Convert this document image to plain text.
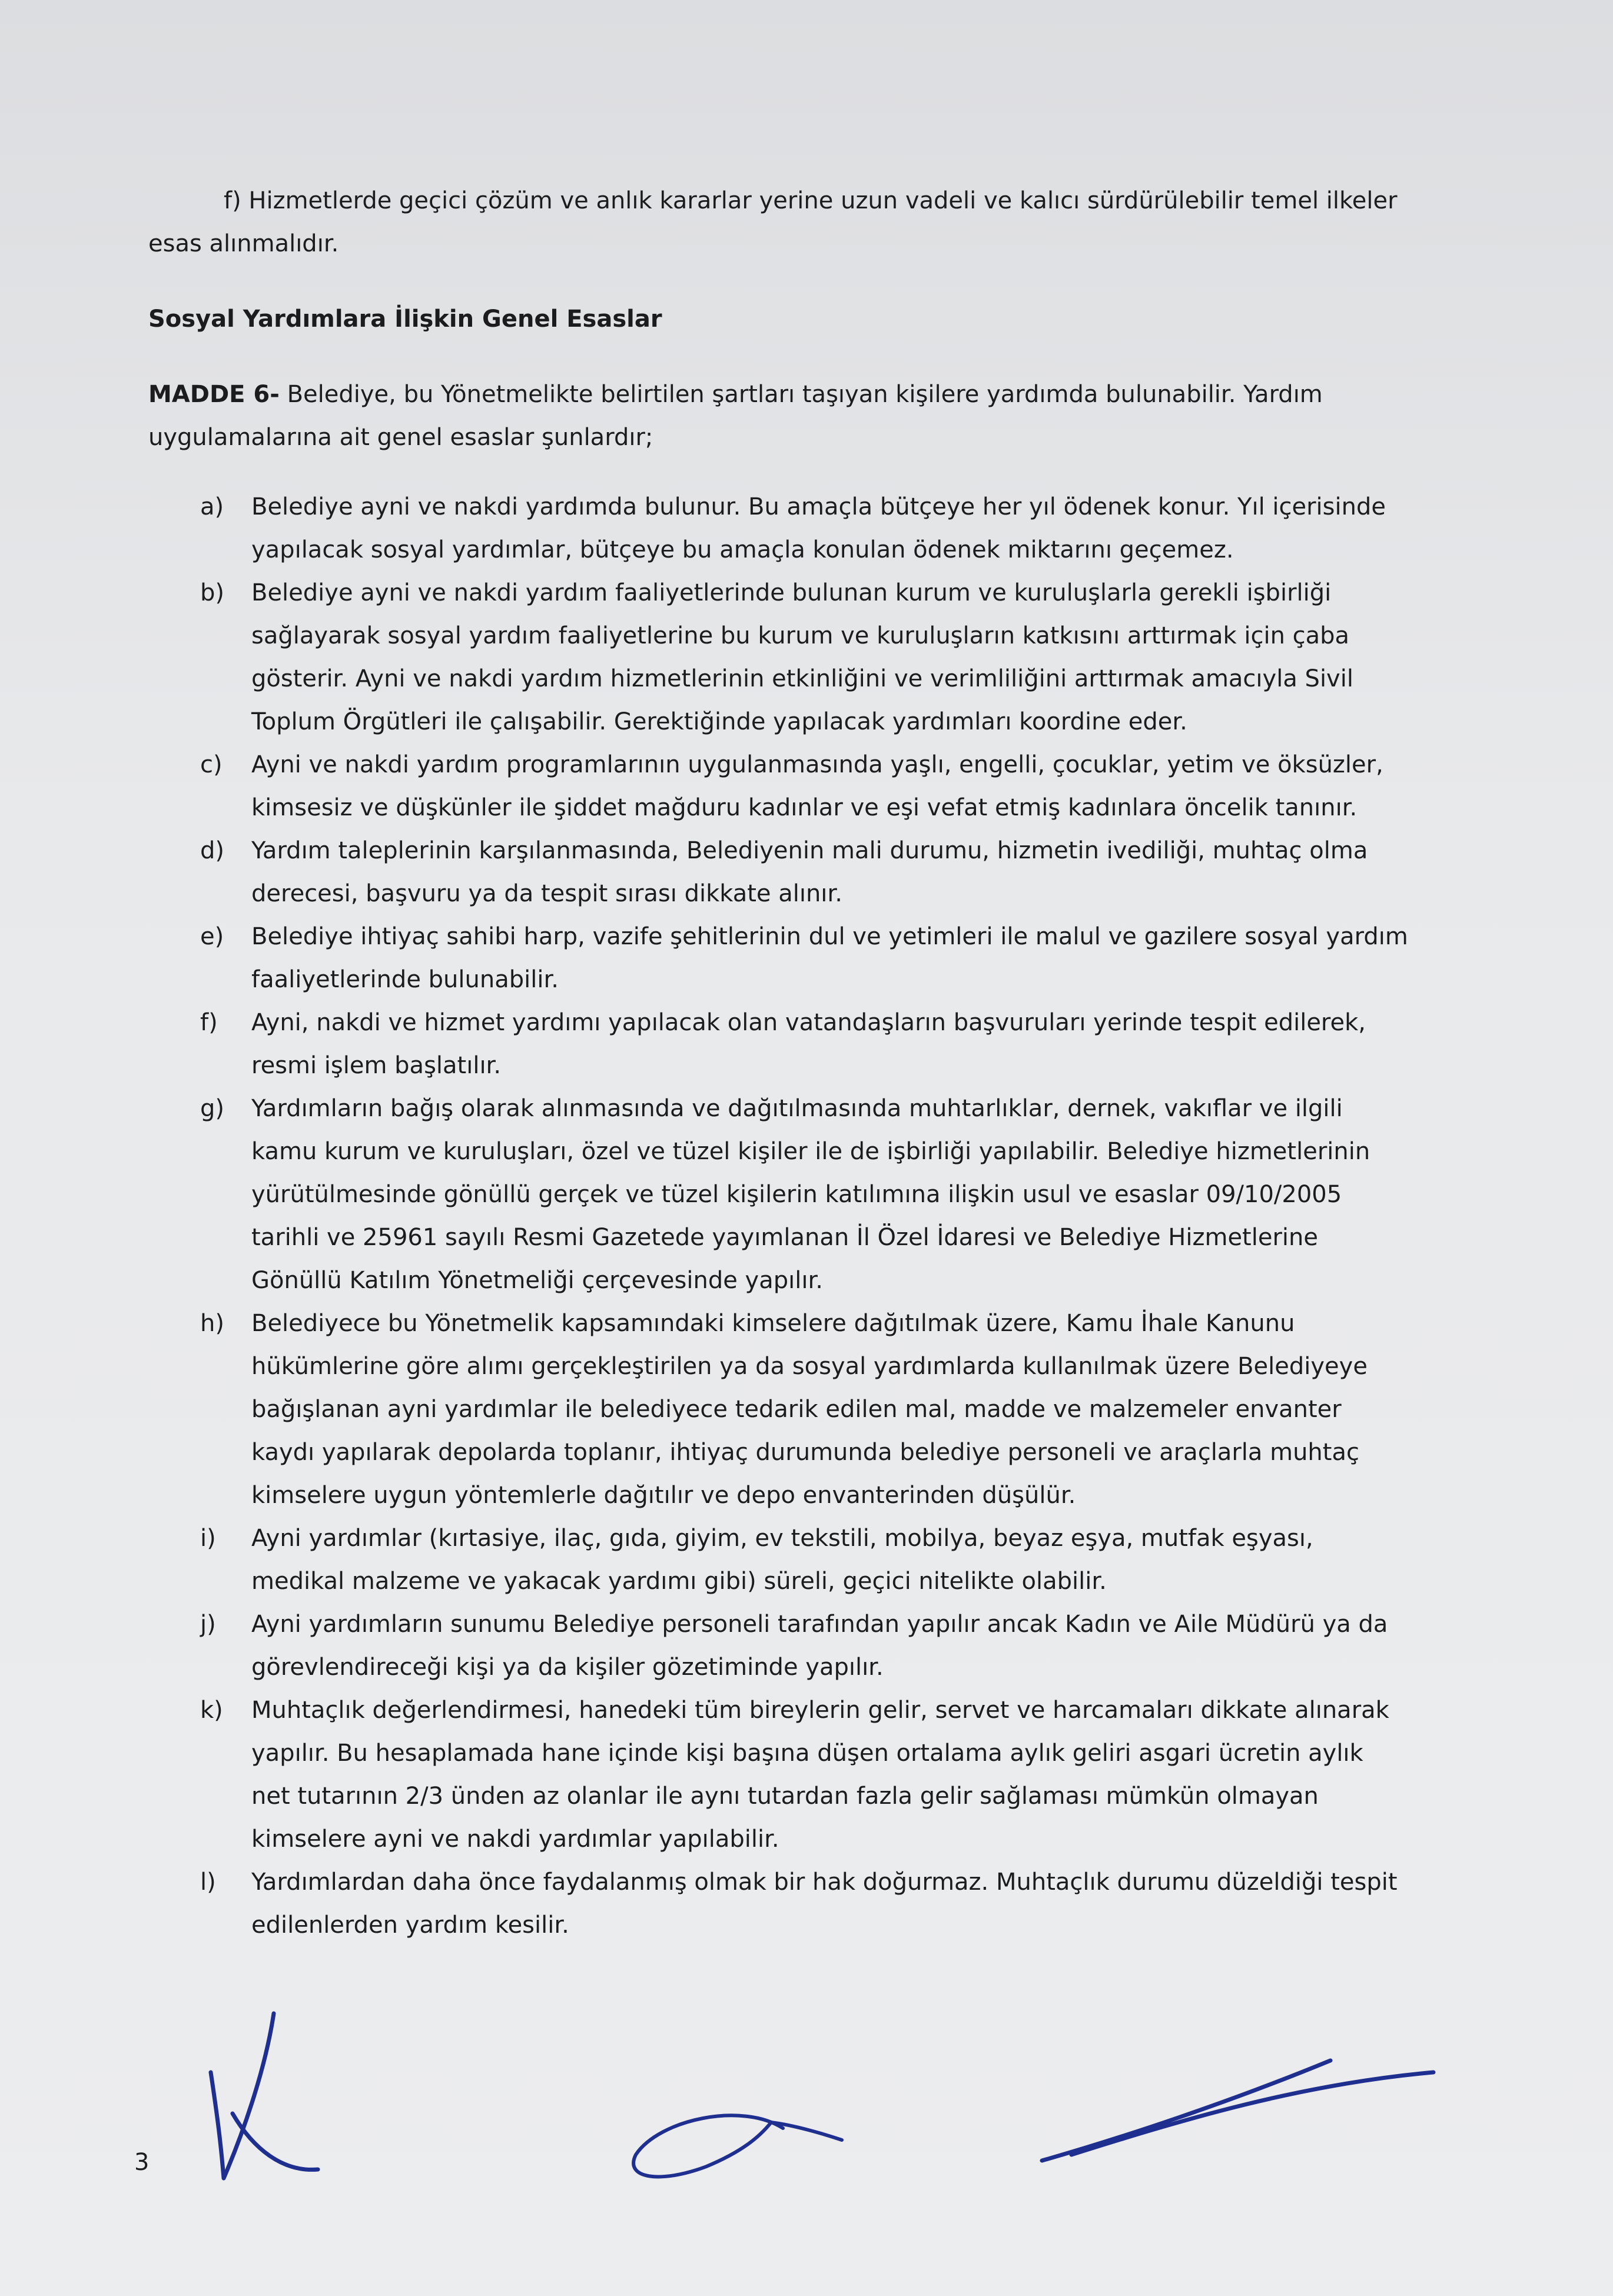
f) Hizmetlerde geçici çözüm ve anlık kararlar yerine uzun vadeli ve kalıcı sürdürülebilir temel ilkeler esas alınmalıdır.

Sosyal Yardımlara İlişkin Genel Esaslar

MADDE 6- Belediye, bu Yönetmelikte belirtilen şartları taşıyan kişilere yardımda bulunabilir. Yardım uygulamalarına ait genel esaslar şunlardır;

a) Belediye ayni ve nakdi yardımda bulunur. Bu amaçla bütçeye her yıl ödenek konur. Yıl içerisinde yapılacak sosyal yardımlar, bütçeye bu amaçla konulan ödenek miktarını geçemez.
b) Belediye ayni ve nakdi yardım faaliyetlerinde bulunan kurum ve kuruluşlarla gerekli işbirliği sağlayarak sosyal yardım faaliyetlerine bu kurum ve kuruluşların katkısını arttırmak için çaba gösterir. Ayni ve nakdi yardım hizmetlerinin etkinliğini ve verimliliğini arttırmak amacıyla Sivil Toplum Örgütleri ile çalışabilir. Gerektiğinde yapılacak yardımları koordine eder.
c) Ayni ve nakdi yardım programlarının uygulanmasında yaşlı, engelli, çocuklar, yetim ve öksüzler, kimsesiz ve düşkünler ile şiddet mağduru kadınlar ve eşi vefat etmiş kadınlara öncelik tanınır.
d) Yardım taleplerinin karşılanmasında, Belediyenin mali durumu, hizmetin ivediliği, muhtaç olma derecesi, başvuru ya da tespit sırası dikkate alınır.
e) Belediye ihtiyaç sahibi harp, vazife şehitlerinin dul ve yetimleri ile malul ve gazilere sosyal yardım faaliyetlerinde bulunabilir.
f) Ayni, nakdi ve hizmet yardımı yapılacak olan vatandaşların başvuruları yerinde tespit edilerek, resmi işlem başlatılır.
g) Yardımların bağış olarak alınmasında ve dağıtılmasında muhtarlıklar, dernek, vakıflar ve ilgili kamu kurum ve kuruluşları, özel ve tüzel kişiler ile de işbirliği yapılabilir. Belediye hizmetlerinin yürütülmesinde gönüllü gerçek ve tüzel kişilerin katılımına ilişkin usul ve esaslar 09/10/2005 tarihli ve 25961 sayılı Resmi Gazetede yayımlanan İl Özel İdaresi ve Belediye Hizmetlerine Gönüllü Katılım Yönetmeliği çerçevesinde yapılır.
h) Belediyece bu Yönetmelik kapsamındaki kimselere dağıtılmak üzere, Kamu İhale Kanunu hükümlerine göre alımı gerçekleştirilen ya da sosyal yardımlarda kullanılmak üzere Belediyeye bağışlanan ayni yardımlar ile belediyece tedarik edilen mal, madde ve malzemeler envanter kaydı yapılarak depolarda toplanır, ihtiyaç durumunda belediye personeli ve araçlarla muhtaç kimselere uygun yöntemlerle dağıtılır ve depo envanterinden düşülür.
i) Ayni yardımlar (kırtasiye, ilaç, gıda, giyim, ev tekstili, mobilya, beyaz eşya, mutfak eşyası, medikal malzeme ve yakacak yardımı gibi) süreli, geçici nitelikte olabilir.
j) Ayni yardımların sunumu Belediye personeli tarafından yapılır ancak Kadın ve Aile Müdürü ya da görevlendireceği kişi ya da kişiler gözetiminde yapılır.
k) Muhtaçlık değerlendirmesi, hanedeki tüm bireylerin gelir, servet ve harcamaları dikkate alınarak yapılır. Bu hesaplamada hane içinde kişi başına düşen ortalama aylık geliri asgari ücretin aylık net tutarının 2/3 ünden az olanlar ile aynı tutardan fazla gelir sağlaması mümkün olmayan kimselere ayni ve nakdi yardımlar yapılabilir.
l) Yardımlardan daha önce faydalanmış olmak bir hak doğurmaz. Muhtaçlık durumu düzeldiği tespit edilenlerden yardım kesilir.
3
